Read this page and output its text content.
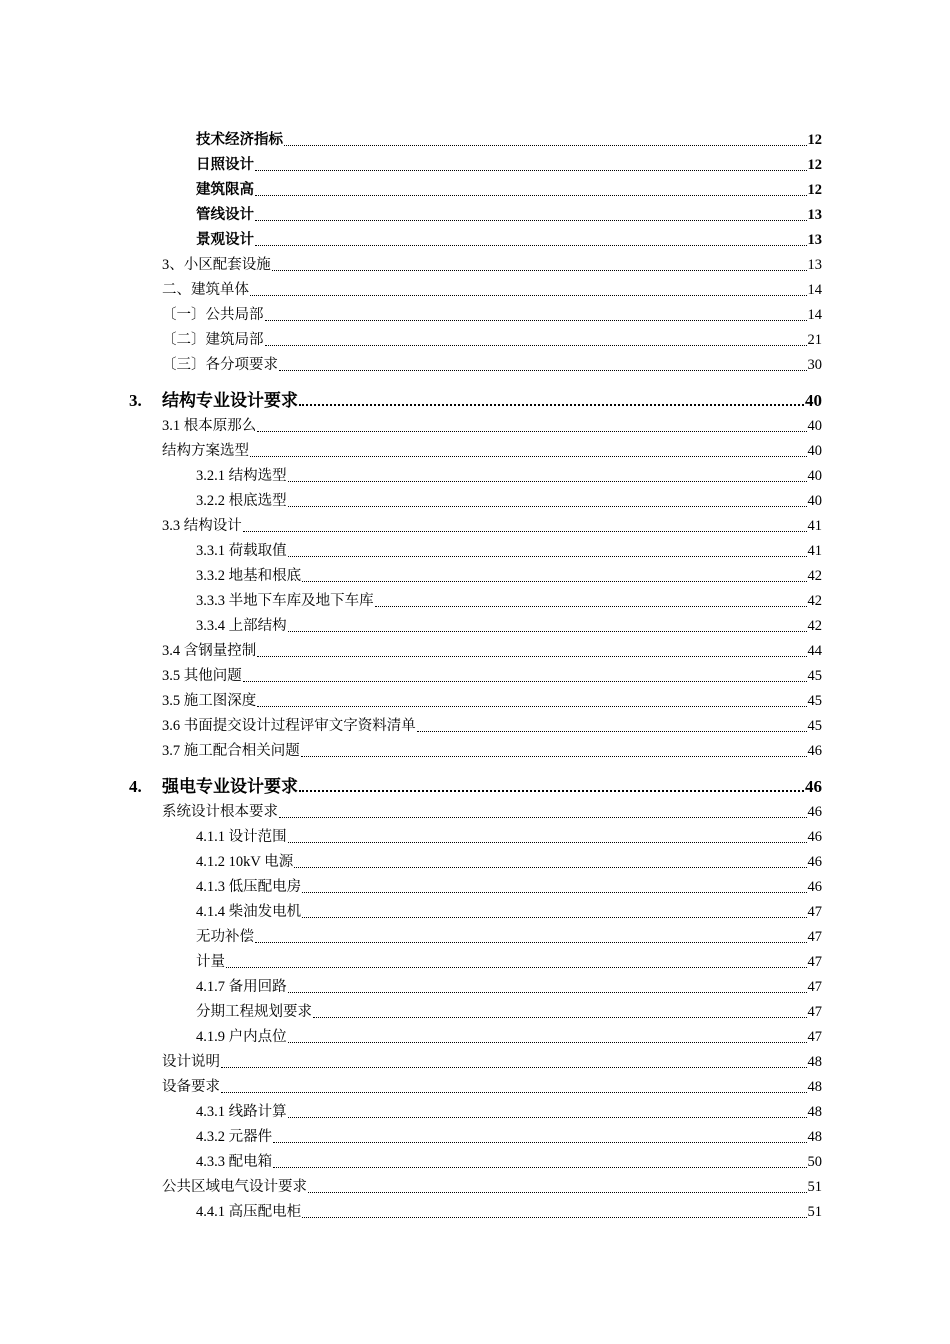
技术经济指标	12
日照设计	12
建筑限高	12
管线设计	13
景观设计	13
3、小区配套设施	13
二、建筑单体	14
〔一〕公共局部	14
〔二〕建筑局部	21
〔三〕各分项要求	30
3.	结构专业设计要求	40
3.1 根本原那么	40
结构方案选型	40
3.2.1 结构选型	40
3.2.2 根底选型	40
3.3 结构设计	41
3.3.1 荷载取值	41
3.3.2 地基和根底	42
3.3.3 半地下车库及地下车库	42
3.3.4 上部结构	42
3.4 含钢量控制	44
3.5 其他问题	45
3.5 施工图深度	45
3.6 书面提交设计过程评审文字资料清单	45
3.7 施工配合相关问题	46
4.	强电专业设计要求	46
系统设计根本要求	46
4.1.1 设计范围	46
4.1.2 10kV 电源	46
4.1.3 低压配电房	46
4.1.4 柴油发电机	47
无功补偿	47
计量	47
4.1.7 备用回路	47
分期工程规划要求	47
4.1.9 户内点位	47
设计说明	48
设备要求	48
4.3.1 线路计算	48
4.3.2 元器件	48
4.3.3 配电箱	50
公共区域电气设计要求	51
4.4.1 高压配电柜	51
